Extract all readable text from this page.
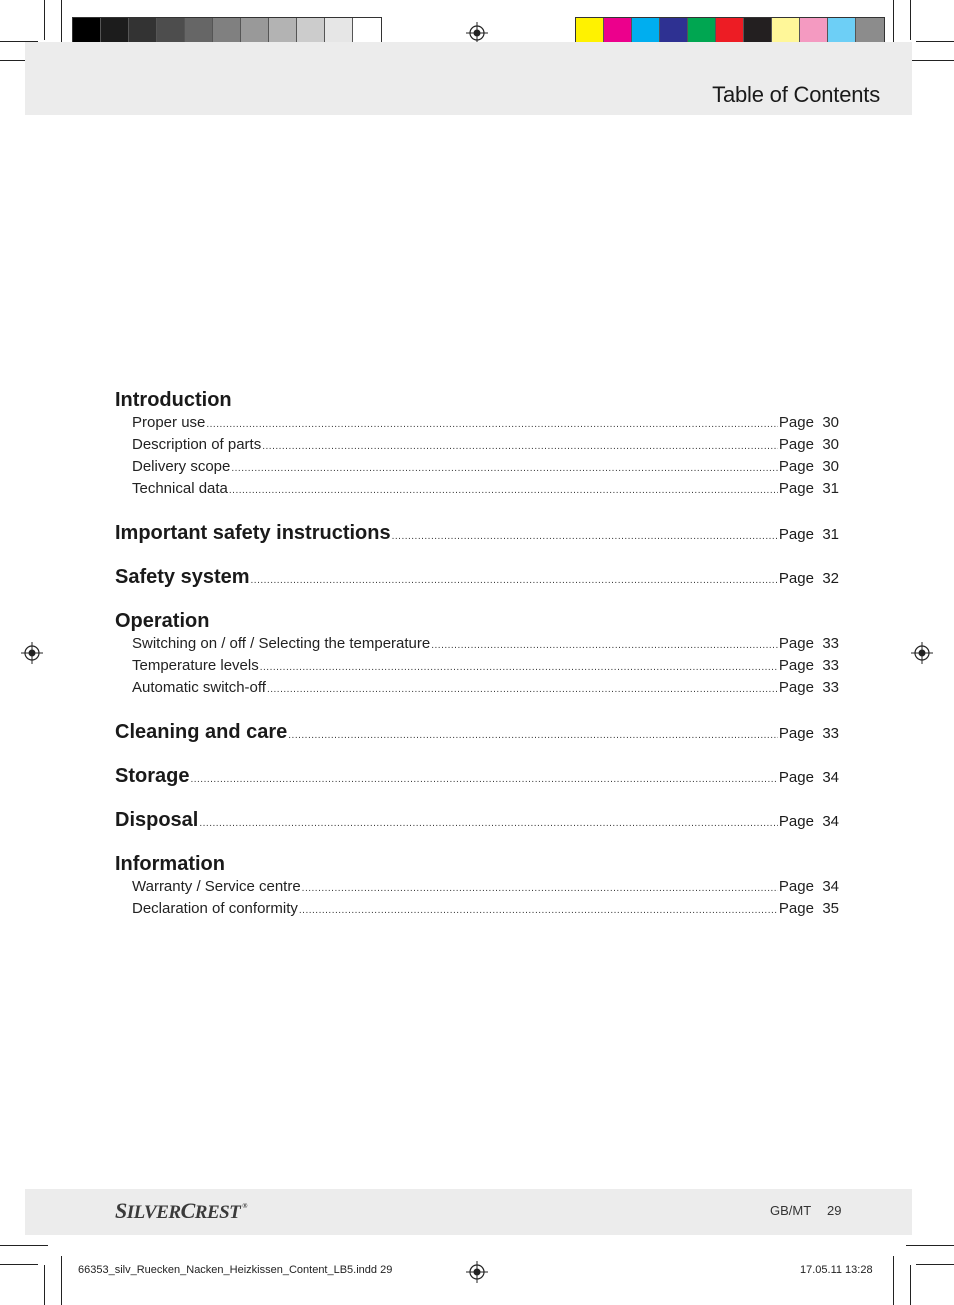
Table of Contents
Introduction
Proper use .....	Page 30
Description of parts .....	Page 30
Delivery scope .....	Page 30
Technical data .....	Page 31
Important safety instructions .....	Page 31
Safety system .....	Page 32
Operation
Switching on / off / Selecting the temperature .....	Page 33
Temperature levels .....	Page 33
Automatic switch-off .....	Page 33
Cleaning and care .....	Page 33
Storage .....	Page 34
Disposal .....	Page 34
Information
Warranty / Service centre .....	Page 34
Declaration of conformity .....	Page 35
SILVERCREST ®	GB/MT 29
66353_silv_Ruecken_Nacken_Heizkissen_Content_LB5.indd 29	17.05.11 13:28
